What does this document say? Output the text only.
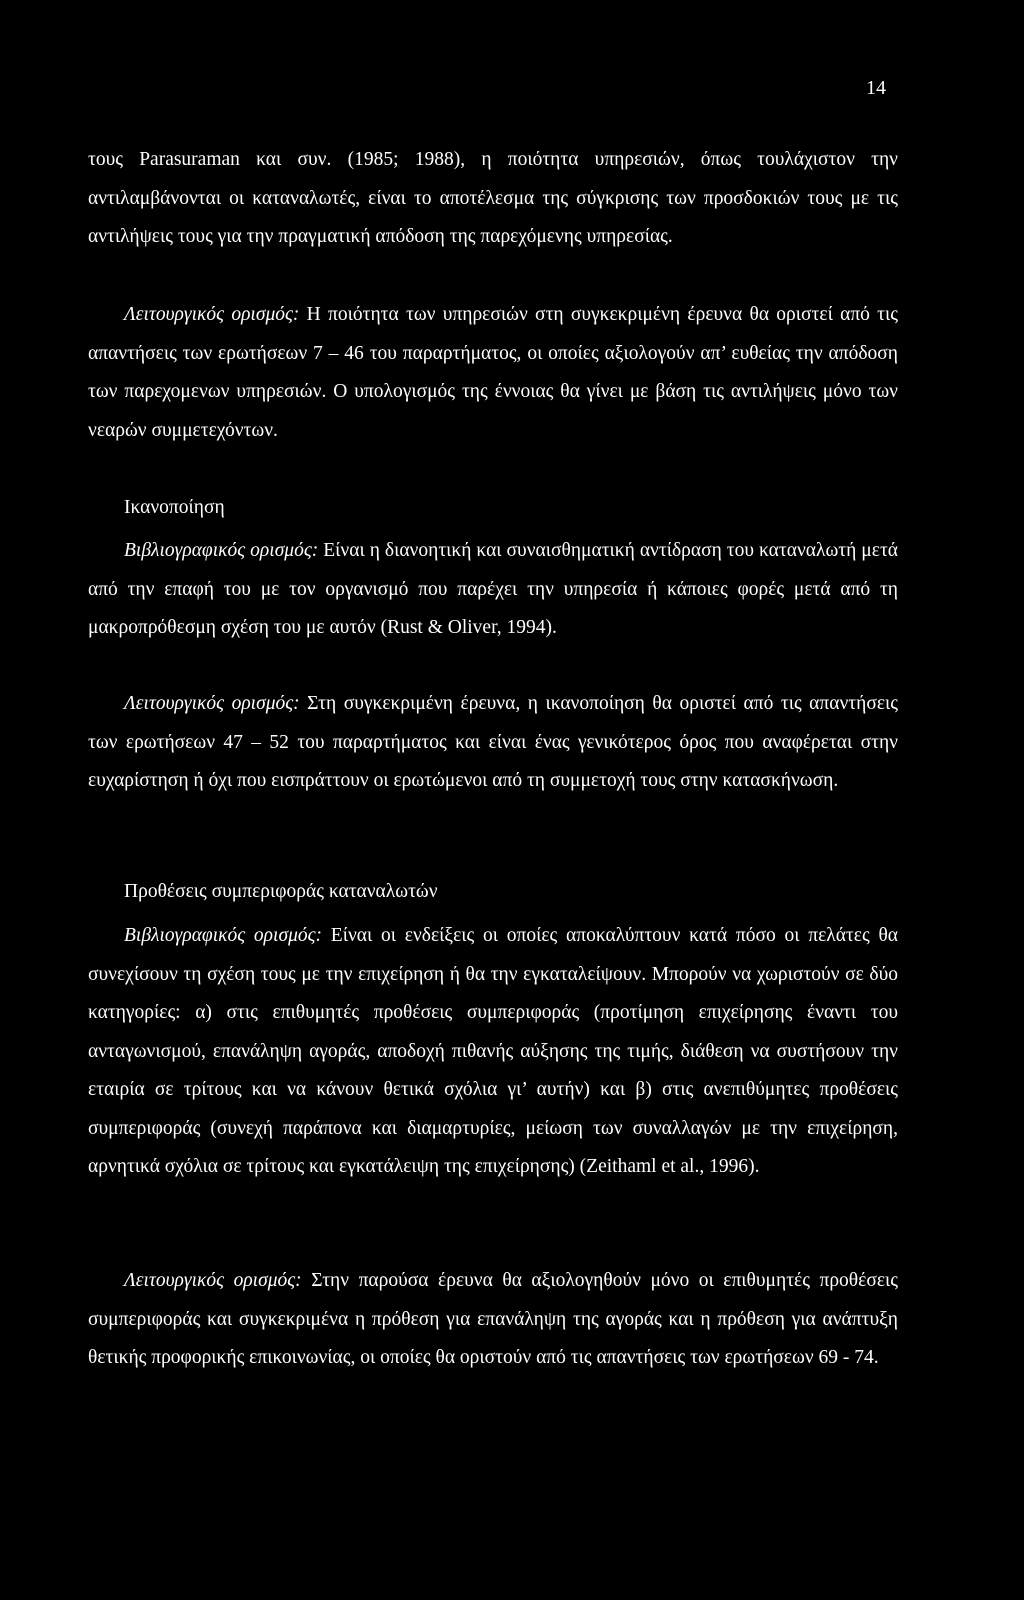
14
τους Parasuraman και συν. (1985; 1988), η ποιότητα υπηρεσιών, όπως τουλάχιστον την αντιλαμβάνονται οι καταναλωτές, είναι το αποτέλεσμα της σύγκρισης των προσδοκιών τους με τις αντιλήψεις τους για την πραγματική απόδοση της παρεχόμενης υπηρεσίας.
Λειτουργικός ορισμός: Η ποιότητα των υπηρεσιών στη συγκεκριμένη έρευνα θα οριστεί από τις απαντήσεις των ερωτήσεων 7 – 46 του παραρτήματος, οι οποίες αξιολογούν απ’ ευθείας την απόδοση των παρεχομενων υπηρεσιών. Ο υπολογισμός της έννοιας θα γίνει με βάση τις αντιλήψεις μόνο των νεαρών συμμετεχόντων.
Ικανοποίηση
Βιβλιογραφικός ορισμός: Είναι η διανοητική και συναισθηματική αντίδραση του καταναλωτή μετά από την επαφή του με τον οργανισμό που παρέχει την υπηρεσία ή κάποιες φορές μετά από τη μακροπρόθεσμη σχέση του με αυτόν (Rust & Oliver, 1994).
Λειτουργικός ορισμός: Στη συγκεκριμένη έρευνα, η ικανοποίηση θα οριστεί από τις απαντήσεις των ερωτήσεων 47 – 52 του παραρτήματος και είναι ένας γενικότερος όρος που αναφέρεται στην ευχαρίστηση ή όχι που εισπράττουν οι ερωτώμενοι από τη συμμετοχή τους στην κατασκήνωση.
Προθέσεις συμπεριφοράς καταναλωτών
Βιβλιογραφικός ορισμός: Είναι οι ενδείξεις οι οποίες αποκαλύπτουν κατά πόσο οι πελάτες θα συνεχίσουν τη σχέση τους με την επιχείρηση ή θα την εγκαταλείψουν. Μπορούν να χωριστούν σε δύο κατηγορίες: α) στις επιθυμητές προθέσεις συμπεριφοράς (προτίμηση επιχείρησης έναντι του ανταγωνισμού, επανάληψη αγοράς, αποδοχή πιθανής αύξησης της τιμής, διάθεση να συστήσουν την εταιρία σε τρίτους και να κάνουν θετικά σχόλια γι’ αυτήν) και β) στις ανεπιθύμητες προθέσεις συμπεριφοράς (συνεχή παράπονα και διαμαρτυρίες, μείωση των συναλλαγών με την επιχείρηση, αρνητικά σχόλια σε τρίτους και εγκατάλειψη της επιχείρησης) (Zeithaml et al., 1996).
Λειτουργικός ορισμός: Στην παρούσα έρευνα θα αξιολογηθούν μόνο οι επιθυμητές προθέσεις συμπεριφοράς και συγκεκριμένα η πρόθεση για επανάληψη της αγοράς και η πρόθεση για ανάπτυξη θετικής προφορικής επικοινωνίας, οι οποίες θα οριστούν από τις απαντήσεις των ερωτήσεων 69 - 74.
